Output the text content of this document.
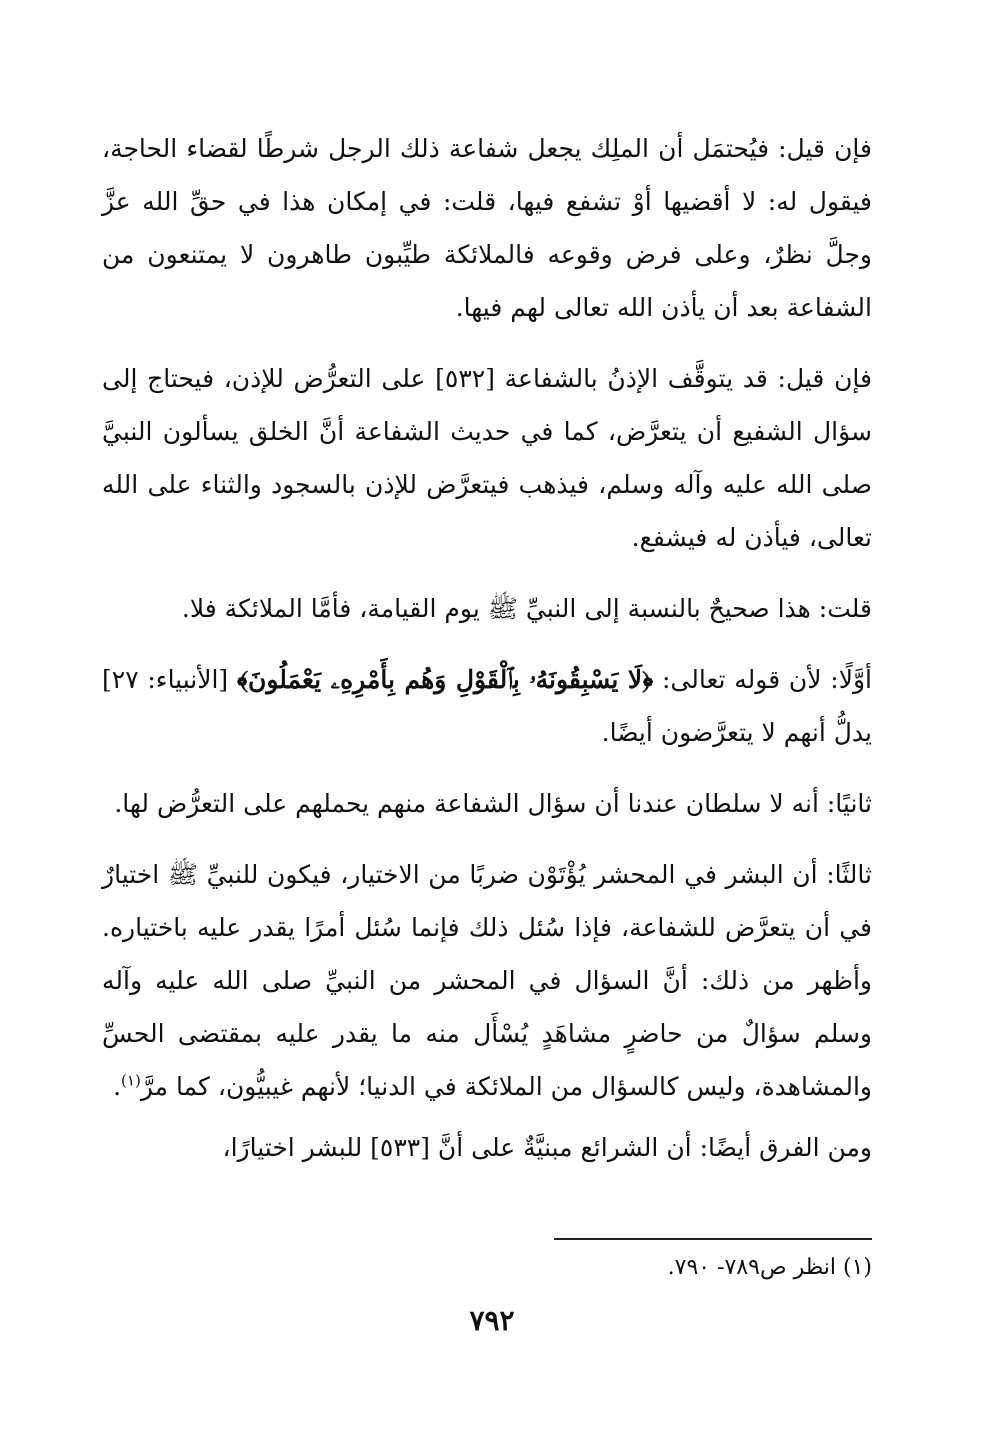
فإن قيل: فيُحتمَل أن الملِك يجعل شفاعة ذلك الرجل شرطًا لقضاء الحاجة، فيقول له: لا أقضيها أوْ تشفع فيها، قلت: في إمكان هذا في حقِّ الله عزَّ وجلَّ نظرٌ، وعلى فرض وقوعه فالملائكة طيِّبون طاهرون لا يمتنعون من الشفاعة بعد أن يأذن الله تعالى لهم فيها.

فإن قيل: قد يتوقَّف الإذنُ بالشفاعة [٥٣٢] على التعرُّض للإذن، فيحتاج إلى سؤال الشفيع أن يتعرَّض، كما في حديث الشفاعة أنَّ الخلق يسألون النبيَّ صلى الله عليه وآله وسلم، فيذهب فيتعرَّض للإذن بالسجود والثناء على الله تعالى، فيأذن له فيشفع.

قلت: هذا صحيحٌ بالنسبة إلى النبيِّ ﷺ يوم القيامة، فأمَّا الملائكة فلا.

أوَّلًا: لأن قوله تعالى: ﴿لَا يَسْبِقُونَهُۥ بِٱلْقَوْلِ وَهُم بِأَمْرِهِۦ يَعْمَلُونَ﴾ [الأنبياء: ٢٧] يدلُّ أنهم لا يتعرَّضون أيضًا.

ثانيًا: أنه لا سلطان عندنا أن سؤال الشفاعة منهم يحملهم على التعرُّض لها.

ثالثًا: أن البشر في المحشر يُؤْتَوْن ضربًا من الاختيار، فيكون للنبيِّ ﷺ اختيارٌ في أن يتعرَّض للشفاعة، فإذا سُئل ذلك فإنما سُئل أمرًا يقدر عليه باختياره. وأظهر من ذلك: أنَّ السؤال في المحشر من النبيِّ صلى الله عليه وآله وسلم سؤالٌ من حاضرٍ مشاهَدٍ يُسْأَل منه ما يقدر عليه بمقتضى الحسِّ والمشاهدة، وليس كالسؤال من الملائكة في الدنيا؛ لأنهم غيبيُّون، كما مرَّ$^{(١)}$.

ومن الفرق أيضًا: أن الشرائع مبنيَّةٌ على أنَّ [٥٣٣] للبشر اختيارًا،

(١) انظر ص٧٨٩- ٧٩٠.
٧٩٢
